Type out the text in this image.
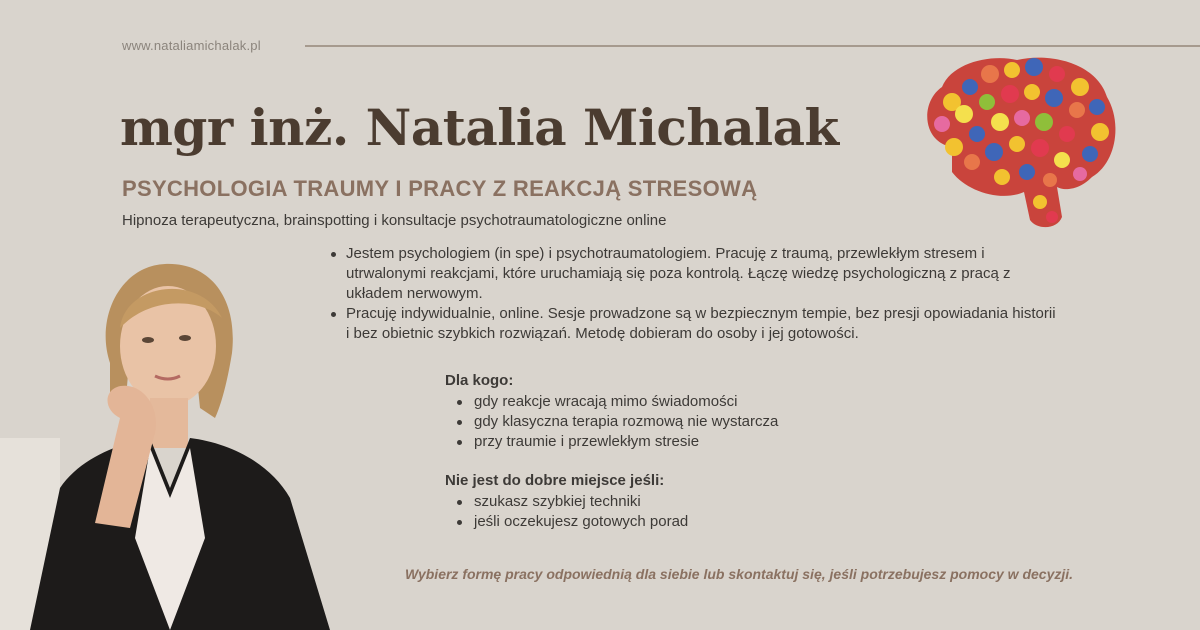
www.nataliamichalak.pl
mgr inż. Natalia Michalak
PSYCHOLOGIA TRAUMY I PRACY Z REAKCJĄ STRESOWĄ

Hipnoza terapeutyczna, brainspotting i konsultacje psychotraumatologiczne online

Jestem psychologiem (in spe) i psychotraumatologiem. Pracuję z traumą, przewlekłym stresem i utrwalonymi reakcjami, które uruchamiają się poza kontrolą. Łączę wiedzę psychologiczną z pracą z układem nerwowym.
Pracuję indywidualnie, online. Sesje prowadzone są w bezpiecznym tempie, bez presji opowiadania historii i bez obietnic szybkich rozwiązań. Metodę dobieram do osoby i jej gotowości.
Dla kogo:
gdy reakcje wracają mimo świadomości
gdy klasyczna terapia rozmową nie wystarcza
przy traumie i przewlekłym stresie
Nie jest do dobre miejsce jeśli:
szukasz szybkiej techniki
jeśli oczekujesz gotowych porad

Wybierz formę pracy odpowiednią dla siebie lub skontaktuj się, jeśli potrzebujesz pomocy w decyzji.
